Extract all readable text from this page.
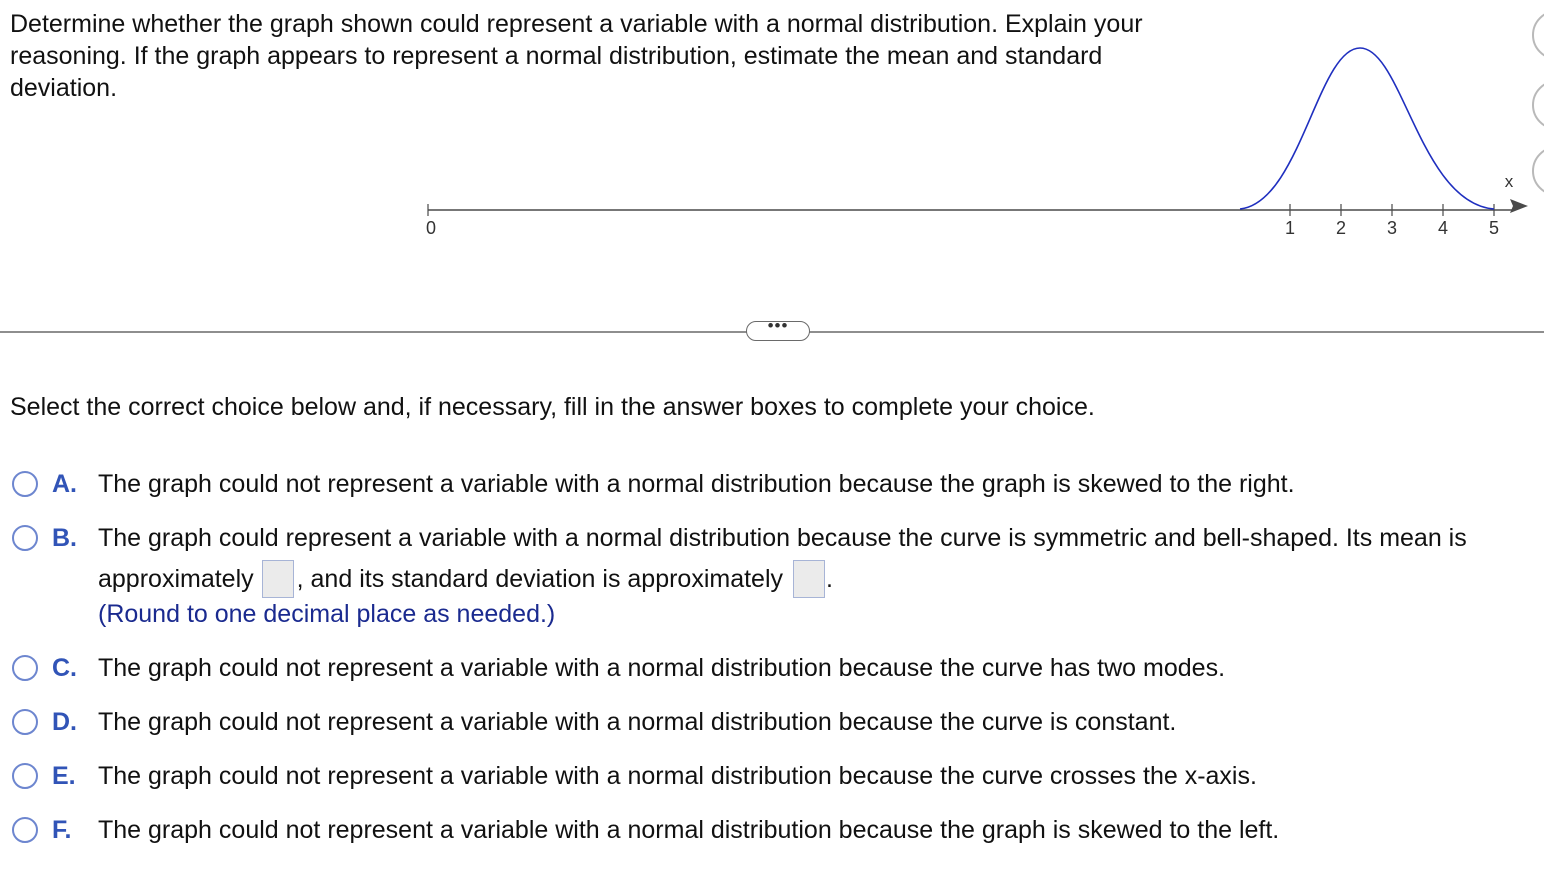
Determine whether the graph shown could represent a variable with a normal distribution. Explain your reasoning. If the graph appears to represent a normal distribution, estimate the mean and standard deviation.

0	1 2 3 4 5
x
•••

Select the correct choice below and, if necessary, fill in the answer boxes to complete your choice.

A. The graph could not represent a variable with a normal distribution because the graph is skewed to the right.
B. The graph could represent a variable with a normal distribution because the curve is symmetric and bell-shaped. Its mean is
approximately , and its standard deviation is approximately .
(Round to one decimal place as needed.)
C. The graph could not represent a variable with a normal distribution because the curve has two modes.
D. The graph could not represent a variable with a normal distribution because the curve is constant.
E. The graph could not represent a variable with a normal distribution because the curve crosses the x-axis.
F. The graph could not represent a variable with a normal distribution because the graph is skewed to the left.
